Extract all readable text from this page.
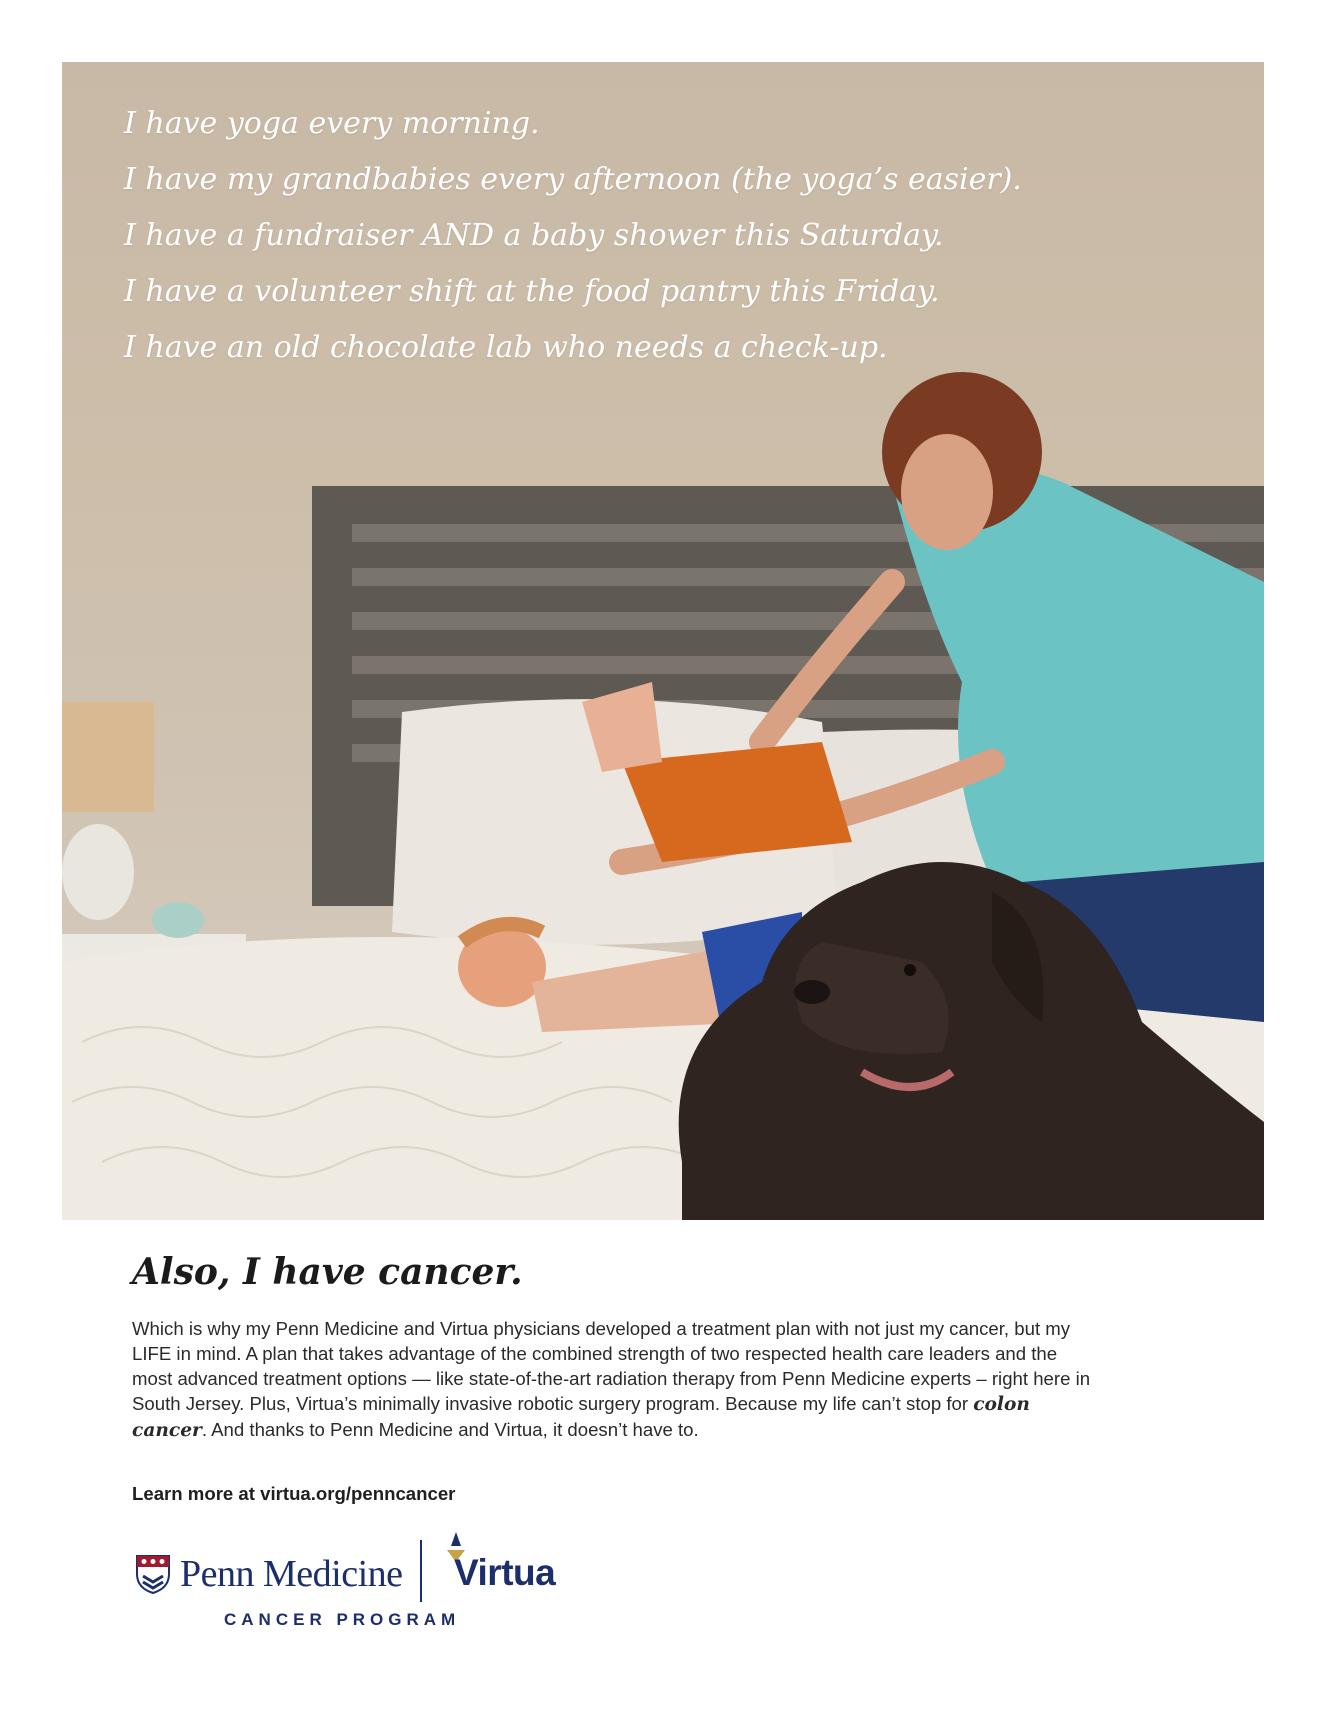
I have yoga every morning.
I have my grandbabies every afternoon (the yoga’s easier).
I have a fundraiser AND a baby shower this Saturday.
I have a volunteer shift at the food pantry this Friday.
I have an old chocolate lab who needs a check-up.
Also, I have cancer.

Which is why my Penn Medicine and Virtua physicians developed a treatment plan with not just my cancer, but my LIFE in mind. A plan that takes advantage of the combined strength of two respected health care leaders and the most advanced treatment options — like state-of-the-art radiation therapy from Penn Medicine experts – right here in South Jersey. Plus, Virtua’s minimally invasive robotic surgery program. Because my life can’t stop for colon cancer. And thanks to Penn Medicine and Virtua, it doesn’t have to.

Learn more at virtua.org/penncancer
Penn Medicine Virtua
CANCER PROGRAM
